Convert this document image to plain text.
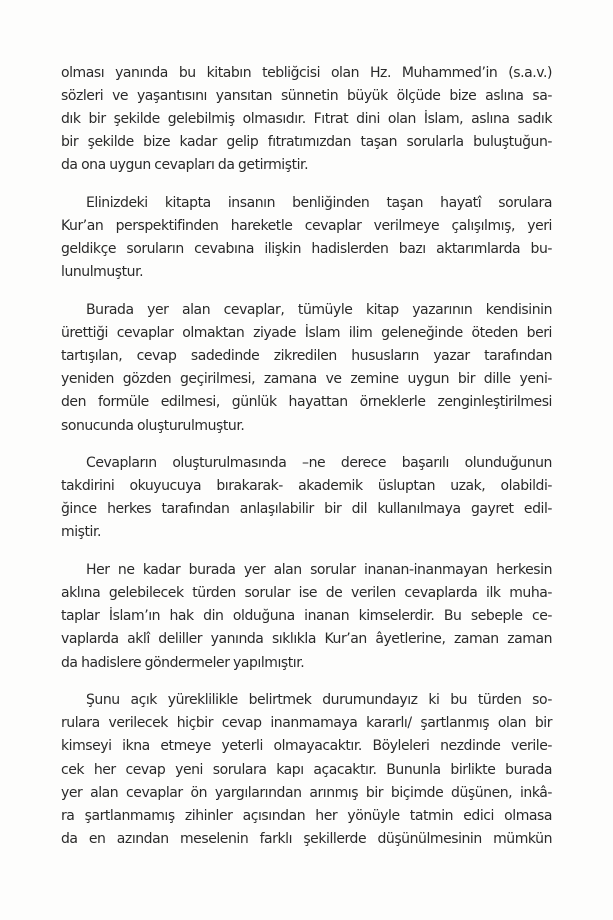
olması yanında bu kitabın tebliğcisi olan Hz. Muhammed’in (s.a.v.)
sözleri ve yaşantısını yansıtan sünnetin büyük ölçüde bize aslına sa-
dık bir şekilde gelebilmiş olmasıdır. Fıtrat dini olan İslam, aslına sadık
bir şekilde bize kadar gelip fıtratımızdan taşan sorularla buluştuğun-
da ona uygun cevapları da getirmiştir.

Elinizdeki kitapta insanın benliğinden taşan hayatî sorulara
Kur’an perspektifinden hareketle cevaplar verilmeye çalışılmış, yeri
geldikçe soruların cevabına ilişkin hadislerden bazı aktarımlarda bu-
lunulmuştur.

Burada yer alan cevaplar, tümüyle kitap yazarının kendisinin
ürettiği cevaplar olmaktan ziyade İslam ilim geleneğinde öteden beri
tartışılan, cevap sadedinde zikredilen hususların yazar tarafından
yeniden gözden geçirilmesi, zamana ve zemine uygun bir dille yeni-
den formüle edilmesi, günlük hayattan örneklerle zenginleştirilmesi
sonucunda oluşturulmuştur.

Cevapların oluşturulmasında –ne derece başarılı olunduğunun
takdirini okuyucuya bırakarak- akademik üsluptan uzak, olabildi-
ğince herkes tarafından anlaşılabilir bir dil kullanılmaya gayret edil-
miştir.

Her ne kadar burada yer alan sorular inanan-inanmayan herkesin
aklına gelebilecek türden sorular ise de verilen cevaplarda ilk muha-
taplar İslam’ın hak din olduğuna inanan kimselerdir. Bu sebeple ce-
vaplarda aklî deliller yanında sıklıkla Kur’an âyetlerine, zaman zaman
da hadislere göndermeler yapılmıştır.

Şunu açık yüreklilikle belirtmek durumundayız ki bu türden so-
rulara verilecek hiçbir cevap inanmamaya kararlı/ şartlanmış olan bir
kimseyi ikna etmeye yeterli olmayacaktır. Böyleleri nezdinde verile-
cek her cevap yeni sorulara kapı açacaktır. Bununla birlikte burada
yer alan cevaplar ön yargılarından arınmış bir biçimde düşünen, inkâ-
ra şartlanmamış zihinler açısından her yönüyle tatmin edici olmasa
da en azından meselenin farklı şekillerde düşünülmesinin mümkün
